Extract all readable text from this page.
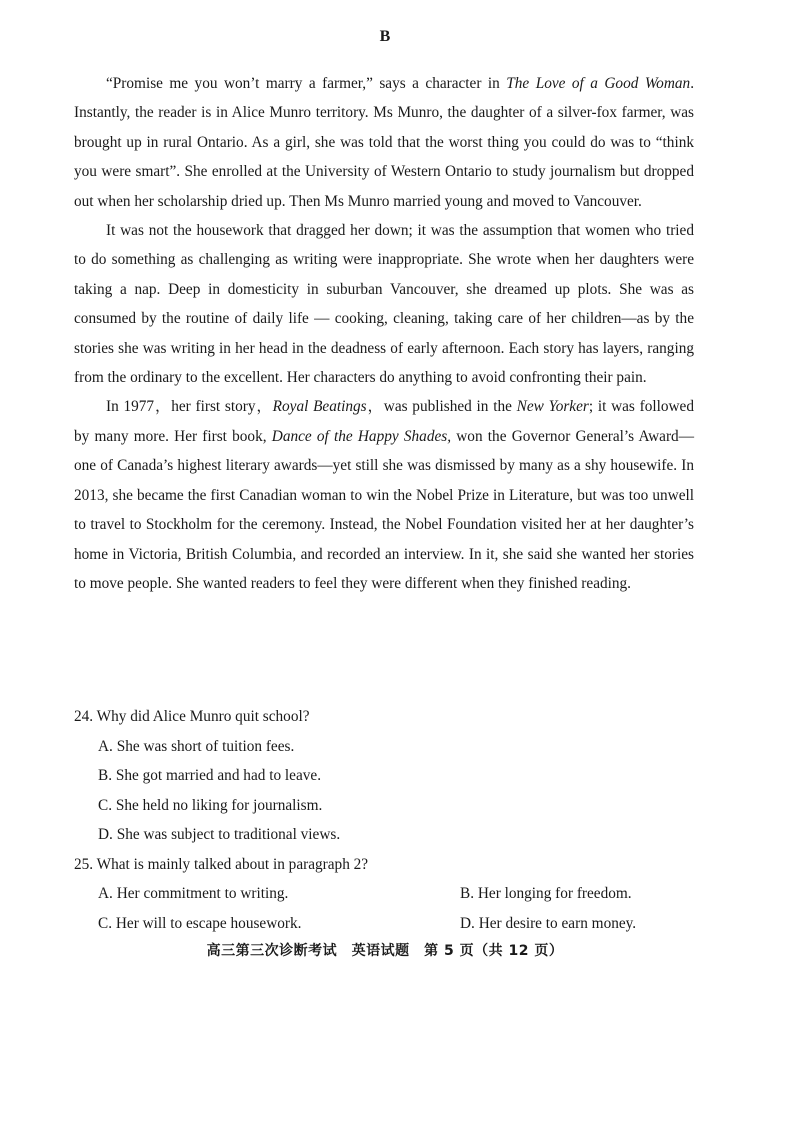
B

“Promise me you won’t marry a farmer,” says a character in The Love of a Good Woman. Instantly, the reader is in Alice Munro territory. Ms Munro, the daughter of a silver-fox farmer, was brought up in rural Ontario. As a girl, she was told that the worst thing you could do was to “think you were smart”. She enrolled at the University of Western Ontario to study journalism but dropped out when her scholarship dried up. Then Ms Munro married young and moved to Vancouver.

It was not the housework that dragged her down; it was the assumption that women who tried to do something as challenging as writing were inappropriate. She wrote when her daughters were taking a nap. Deep in domesticity in suburban Vancouver, she dreamed up plots. She was as consumed by the routine of daily life — cooking, cleaning, taking care of her children—as by the stories she was writing in her head in the deadness of early afternoon. Each story has layers, ranging from the ordinary to the excellent. Her characters do anything to avoid confronting their pain.

In 1977，her first story，Royal Beatings，was published in the New Yorker; it was followed by many more. Her first book, Dance of the Happy Shades, won the Governor General’s Award—one of Canada’s highest literary awards—yet still she was dismissed by many as a shy housewife. In 2013, she became the first Canadian woman to win the Nobel Prize in Literature, but was too unwell to travel to Stockholm for the ceremony. Instead, the Nobel Foundation visited her at her daughter’s home in Victoria, British Columbia, and recorded an interview. In it, she said she wanted her stories to move people. She wanted readers to feel they were different when they finished reading.

24. Why did Alice Munro quit school?
A. She was short of tuition fees.
B. She got married and had to leave.
C. She held no liking for journalism.
D. She was subject to traditional views.
25. What is mainly talked about in paragraph 2?
A. Her commitment to writing.	B. Her longing for freedom.
C. Her will to escape housework.	D. Her desire to earn money.
高三第三次诊断考试　英语试题　第 5 页（共 12 页）
